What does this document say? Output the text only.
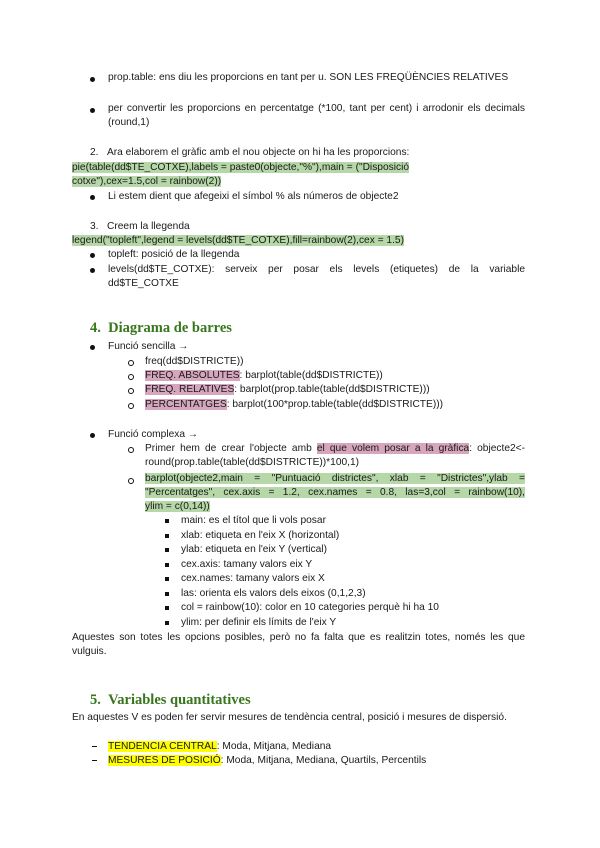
prop.table: ens diu les proporcions en tant per u. SON LES FREQÜÈNCIES RELATIVES
per convertir les proporcions en percentatge (*100, tant per cent) i arrodonir els decimals (round,1)
2.   Ara elaborem el gràfic amb el nou objecte on hi ha les proporcions:
pie(table(dd$TE_COTXE),labels = paste0(objecte,"%"),main = ("Disposició
cotxe"),cex=1.5,col = rainbow(2))
Li estem dient que afegeixi el símbol % als números de objecte2
3.   Creem la llegenda
legend("topleft",legend = levels(dd$TE_COTXE),fill=rainbow(2),cex = 1.5)
topleft: posició de la llegenda
levels(dd$TE_COTXE): serveix per posar els levels (etiquetes) de la variable dd$TE_COTXE
4.  Diagrama de barres
Funció sencilla →
freq(dd$DISTRICTE))
FREQ. ABSOLUTES: barplot(table(dd$DISTRICTE))
FREQ. RELATIVES: barplot(prop.table(table(dd$DISTRICTE)))
PERCENTATGES: barplot(100*prop.table(table(dd$DISTRICTE)))
Funció complexa →
Primer hem de crear l'objecte amb el que volem posar a la gràfica: objecte2<-round(prop.table(table(dd$DISTRICTE))*100,1)
barplot(objecte2,main = "Puntuació districtes", xlab = "Districtes",ylab =
"Percentatges", cex.axis = 1.2, cex.names = 0.8, las=3,col = rainbow(10),
ylim = c(0,14))
main: es el títol que li vols posar
xlab: etiqueta en l'eix X (horizontal)
ylab: etiqueta en l'eix Y (vertical)
cex.axis: tamany valors eix Y
cex.names: tamany valors eix X
las: orienta els valors dels eixos (0,1,2,3)
col = rainbow(10): color en 10 categories perquè hi ha 10
ylim: per definir els límits de l'eix Y
Aquestes son totes les opcions posibles, però no fa falta que es realitzin totes, només les que vulguis.
5.  Variables quantitatives
En aquestes V es poden fer servir mesures de tendència central, posició i mesures de dispersió.
TENDENCIA CENTRAL: Moda, Mitjana, Mediana
MESURES DE POSICIÓ: Moda, Mitjana, Mediana, Quartils, Percentils
